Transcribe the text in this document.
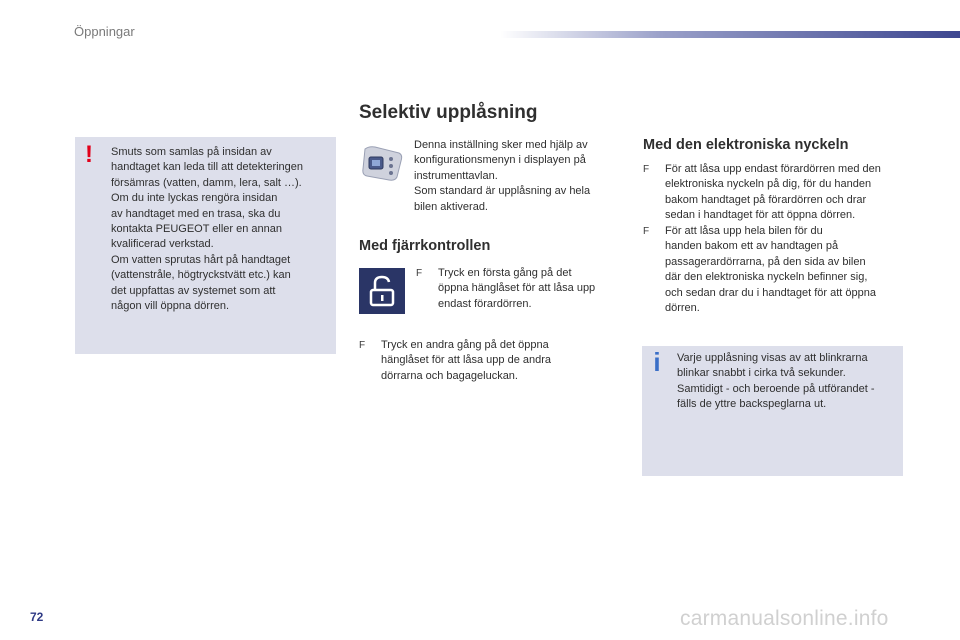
Öppningar
! Smuts som samlas på insidan av
handtaget kan leda till att detekteringen
försämras (vatten, damm, lera, salt …).
Om du inte lyckas rengöra insidan
av handtaget med en trasa, ska du
kontakta PEUGEOT eller en annan
kvalificerad verkstad.
Om vatten sprutas hårt på handtaget
(vattenstråle, högtryckstvätt etc.) kan
det uppfattas av systemet som att
någon vill öppna dörren.
Selektiv upplåsning
Denna inställning sker med hjälp av
konfigurationsmenyn i displayen på
instrumenttavlan.
Som standard är upplåsning av hela
bilen aktiverad.
Med fjärrkontrollen
F Tryck en första gång på det
öppna hänglåset för att låsa upp
endast förardörren.
F Tryck en andra gång på det öppna
hänglåset för att låsa upp de andra
dörrarna och bagageluckan.
Med den elektroniska nyckeln
F För att låsa upp endast förardörren med den
elektroniska nyckeln på dig, för du handen
bakom handtaget på förardörren och drar
sedan i handtaget för att öppna dörren.
F För att låsa upp hela bilen för du
handen bakom ett av handtagen på
passagerardörrarna, på den sida av bilen
där den elektroniska nyckeln befinner sig,
och sedan drar du i handtaget för att öppna
dörren.
i Varje upplåsning visas av att blinkrarna
blinkar snabbt i cirka två sekunder.
Samtidigt - och beroende på utförandet -
fälls de yttre backspeglarna ut.
72	carmanualsonline.info
